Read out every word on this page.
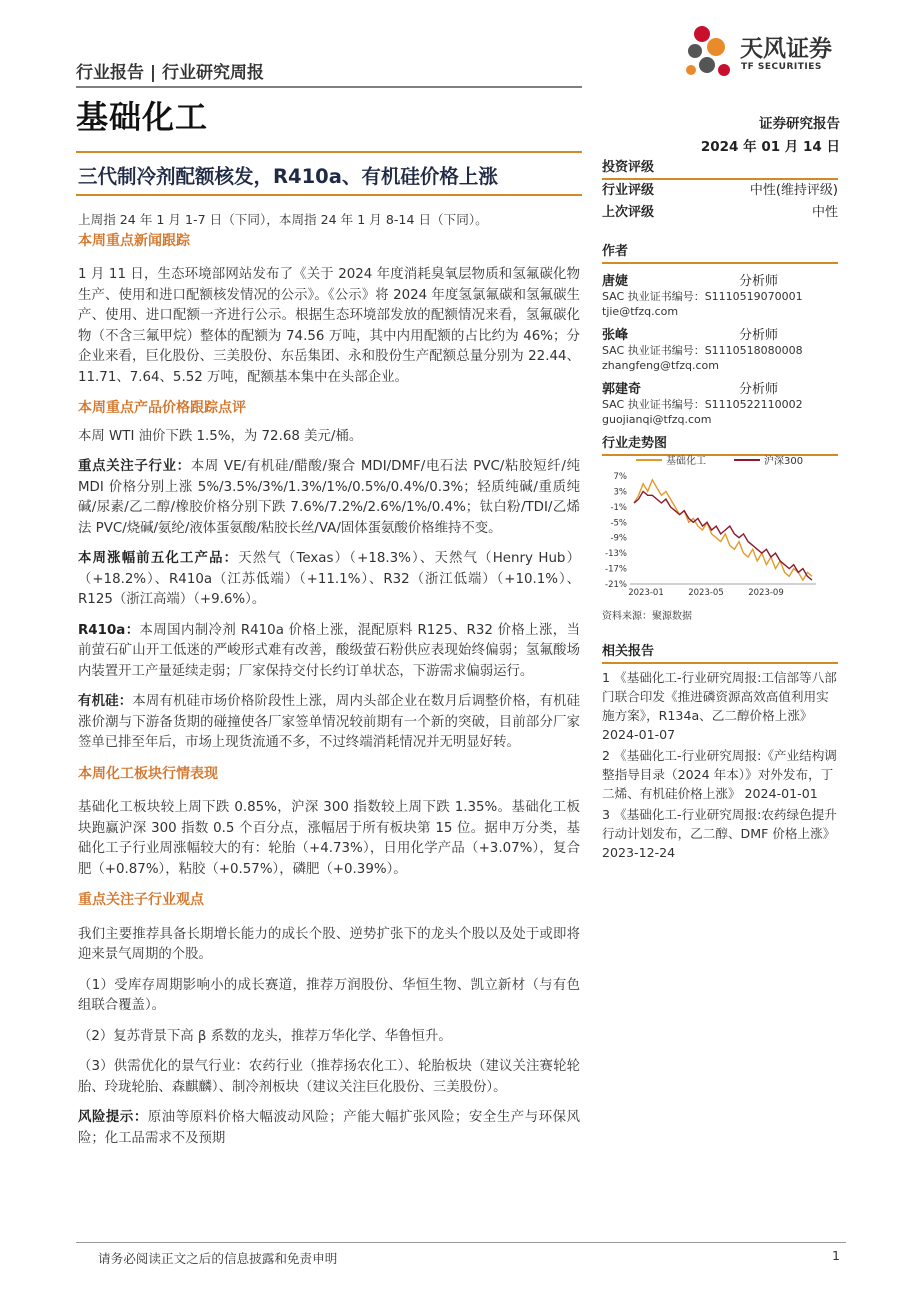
行业报告 | 行业研究周报
基础化工
天风证券
TF SECURITIES
证券研究报告
2024 年 01 月 14 日
三代制冷剂配额核发，R410a、有机硅价格上涨

上周指 24 年 1 月 1-7 日（下同），本周指 24 年 1 月 8-14 日（下同）。

本周重点新闻跟踪

1 月 11 日，生态环境部网站发布了《关于 2024 年度消耗臭氧层物质和氢氟碳化物生产、使用和进口配额核发情况的公示》。《公示》将 2024 年度氢氯氟碳和氢氟碳生产、使用、进口配额一齐进行公示。根据生态环境部发放的配额情况来看，氢氟碳化物（不含三氟甲烷）整体的配额为 74.56 万吨，其中内用配额的占比约为 46%；分企业来看，巨化股份、三美股份、东岳集团、永和股份生产配额总量分别为 22.44、11.71、7.64、5.52 万吨，配额基本集中在头部企业。

本周重点产品价格跟踪点评

本周 WTI 油价下跌 1.5%，为 72.68 美元/桶。

重点关注子行业：本周 VE/有机硅/醋酸/聚合 MDI/DMF/电石法 PVC/粘胶短纤/纯 MDI 价格分别上涨 5%/3.5%/3%/1.3%/1%/0.5%/0.4%/0.3%；轻质纯碱/重质纯碱/尿素/乙二醇/橡胶价格分别下跌 7.6%/7.2%/2.6%/1%/0.4%；钛白粉/TDI/乙烯法 PVC/烧碱/氨纶/液体蛋氨酸/粘胶长丝/VA/固体蛋氨酸价格维持不变。

本周涨幅前五化工产品：天然气（Texas）（+18.3%）、天然气（Henry Hub）（+18.2%）、R410a（江苏低端）（+11.1%）、R32（浙江低端）（+10.1%）、R125（浙江高端）（+9.6%）。

R410a：本周国内制冷剂 R410a 价格上涨，混配原料 R125、R32 价格上涨，当前萤石矿山开工低迷的严峻形式难有改善，酸级萤石粉供应表现始终偏弱；氢氟酸场内装置开工产量延续走弱；厂家保持交付长约订单状态，下游需求偏弱运行。

有机硅：本周有机硅市场价格阶段性上涨，周内头部企业在数月后调整价格，有机硅涨价潮与下游备货期的碰撞使各厂家签单情况较前期有一个新的突破，目前部分厂家签单已排至年后，市场上现货流通不多，不过终端消耗情况并无明显好转。

本周化工板块行情表现

基础化工板块较上周下跌 0.85%，沪深 300 指数较上周下跌 1.35%。基础化工板块跑赢沪深 300 指数 0.5 个百分点，涨幅居于所有板块第 15 位。据申万分类，基础化工子行业周涨幅较大的有：轮胎（+4.73%），日用化学产品（+3.07%），复合肥（+0.87%），粘胶（+0.57%），磷肥（+0.39%）。

重点关注子行业观点

我们主要推荐具备长期增长能力的成长个股、逆势扩张下的龙头个股以及处于或即将迎来景气周期的个股。

（1）受库存周期影响小的成长赛道，推荐万润股份、华恒生物、凯立新材（与有色组联合覆盖）。

（2）复苏背景下高 β 系数的龙头，推荐万华化学、华鲁恒升。

（3）供需优化的景气行业：农药行业（推荐扬农化工）、轮胎板块（建议关注赛轮轮胎、玲珑轮胎、森麒麟）、制冷剂板块（建议关注巨化股份、三美股份）。

风险提示：原油等原料价格大幅波动风险；产能大幅扩张风险；安全生产与环保风险；化工品需求不及预期

投资评级
行业评级	中性(维持评级)
上次评级	中性
作者
唐婕	分析师
SAC 执业证书编号：S1110519070001
tjie@tfzq.com
张峰	分析师
SAC 执业证书编号：S1110518080008
zhangfeng@tfzq.com
郭建奇	分析师
SAC 执业证书编号：S1110522110002
guojianqi@tfzq.com
行业走势图
基础化工	沪深300
7%
3%
-1%
-5%
-9%
-13%
-17%
-21%
2023-01	2023-05	2023-09
资料来源：聚源数据
相关报告

1 《基础化工-行业研究周报:工信部等八部门联合印发《推进磷资源高效高值利用实施方案》，R134a、乙二醇价格上涨》 2024-01-07

2 《基础化工-行业研究周报:《产业结构调整指导目录（2024 年本）》对外发布，丁二烯、有机硅价格上涨》 2024-01-01

3 《基础化工-行业研究周报:农药绿色提升行动计划发布，乙二醇、DMF 价格上涨》 2023-12-24

请务必阅读正文之后的信息披露和免责申明	1
